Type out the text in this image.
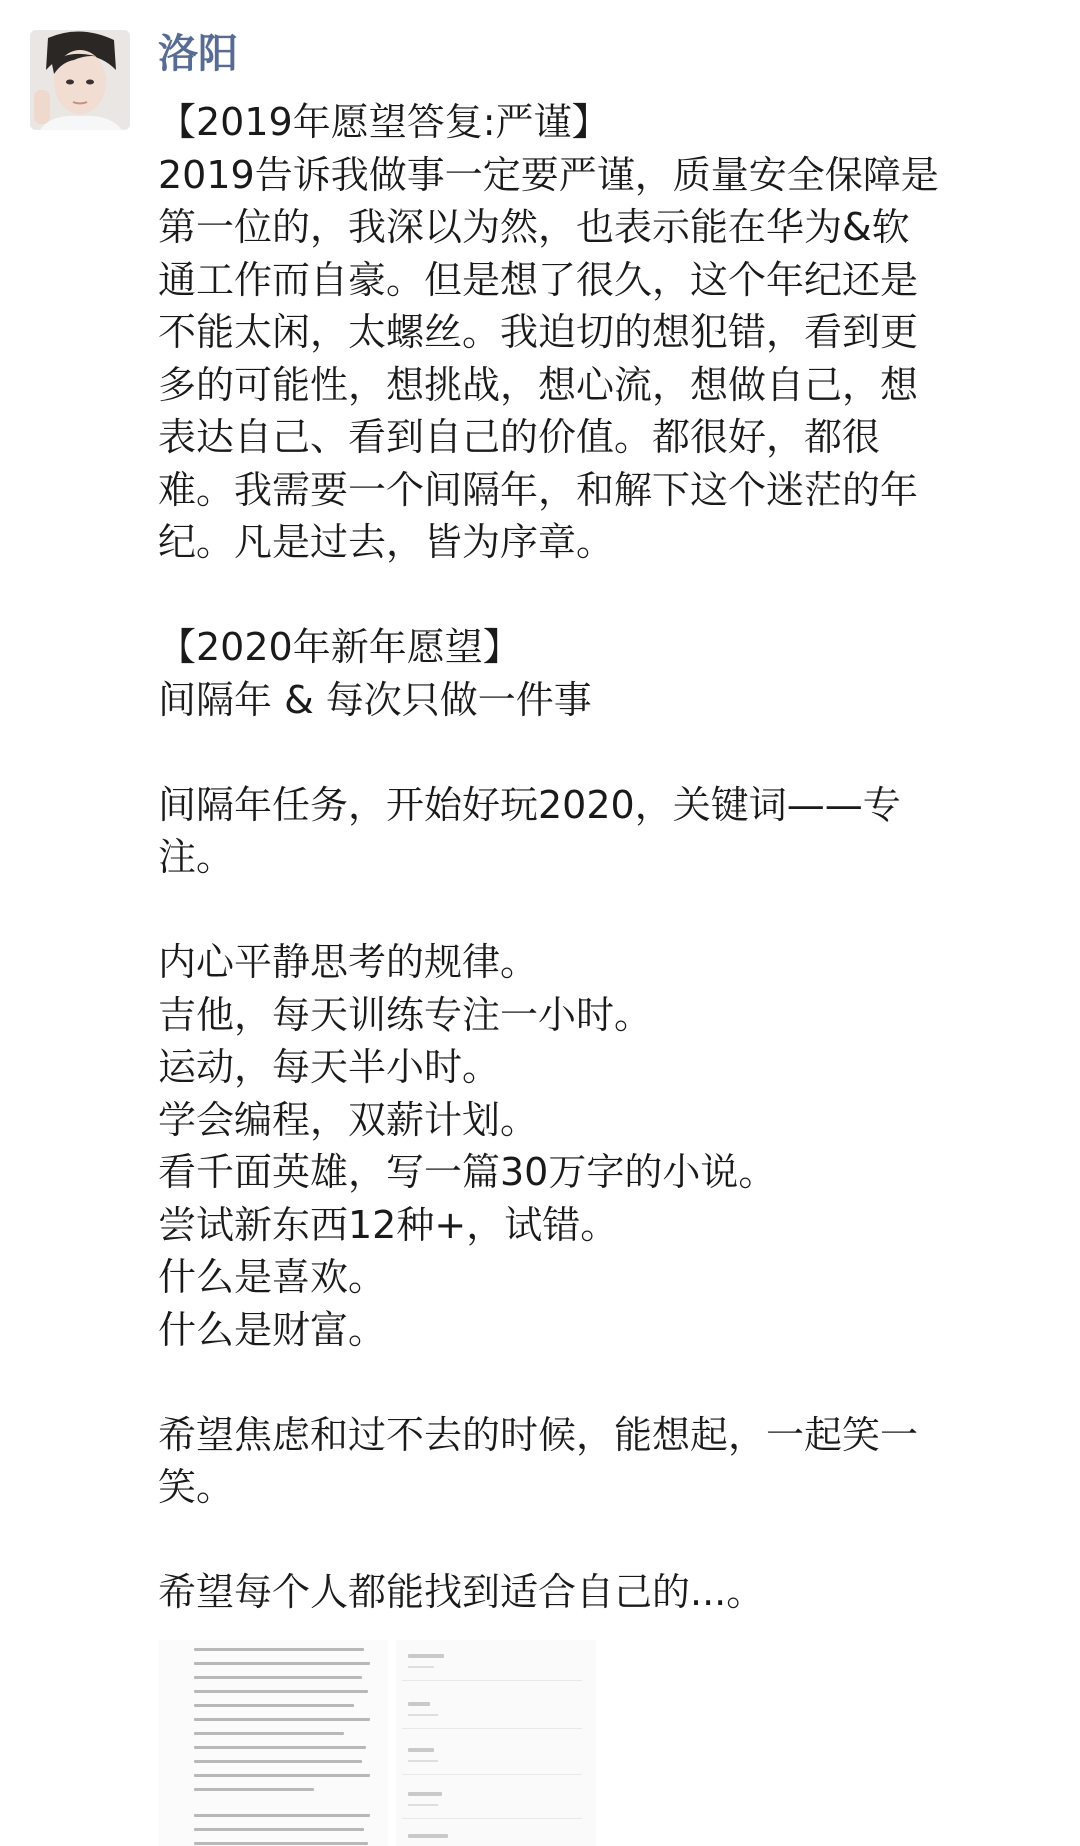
洛阳
【2019年愿望答复:严谨】
2019告诉我做事一定要严谨，质量安全保障是
第一位的，我深以为然，也表示能在华为&软
通工作而自豪。但是想了很久，这个年纪还是
不能太闲，太螺丝。我迫切的想犯错，看到更
多的可能性，想挑战，想心流，想做自己，想
表达自己、看到自己的价值。都很好，都很
难。我需要一个间隔年，和解下这个迷茫的年
纪。凡是过去，皆为序章。
【2020年新年愿望】
间隔年 & 每次只做一件事
间隔年任务，开始好玩2020，关键词——专
注。
内心平静思考的规律。
吉他，每天训练专注一小时。
运动，每天半小时。
学会编程，双薪计划。
看千面英雄，写一篇30万字的小说。
尝试新东西12种+，试错。
什么是喜欢。
什么是财富。
希望焦虑和过不去的时候，能想起，一起笑一
笑。
希望每个人都能找到适合自己的...。
